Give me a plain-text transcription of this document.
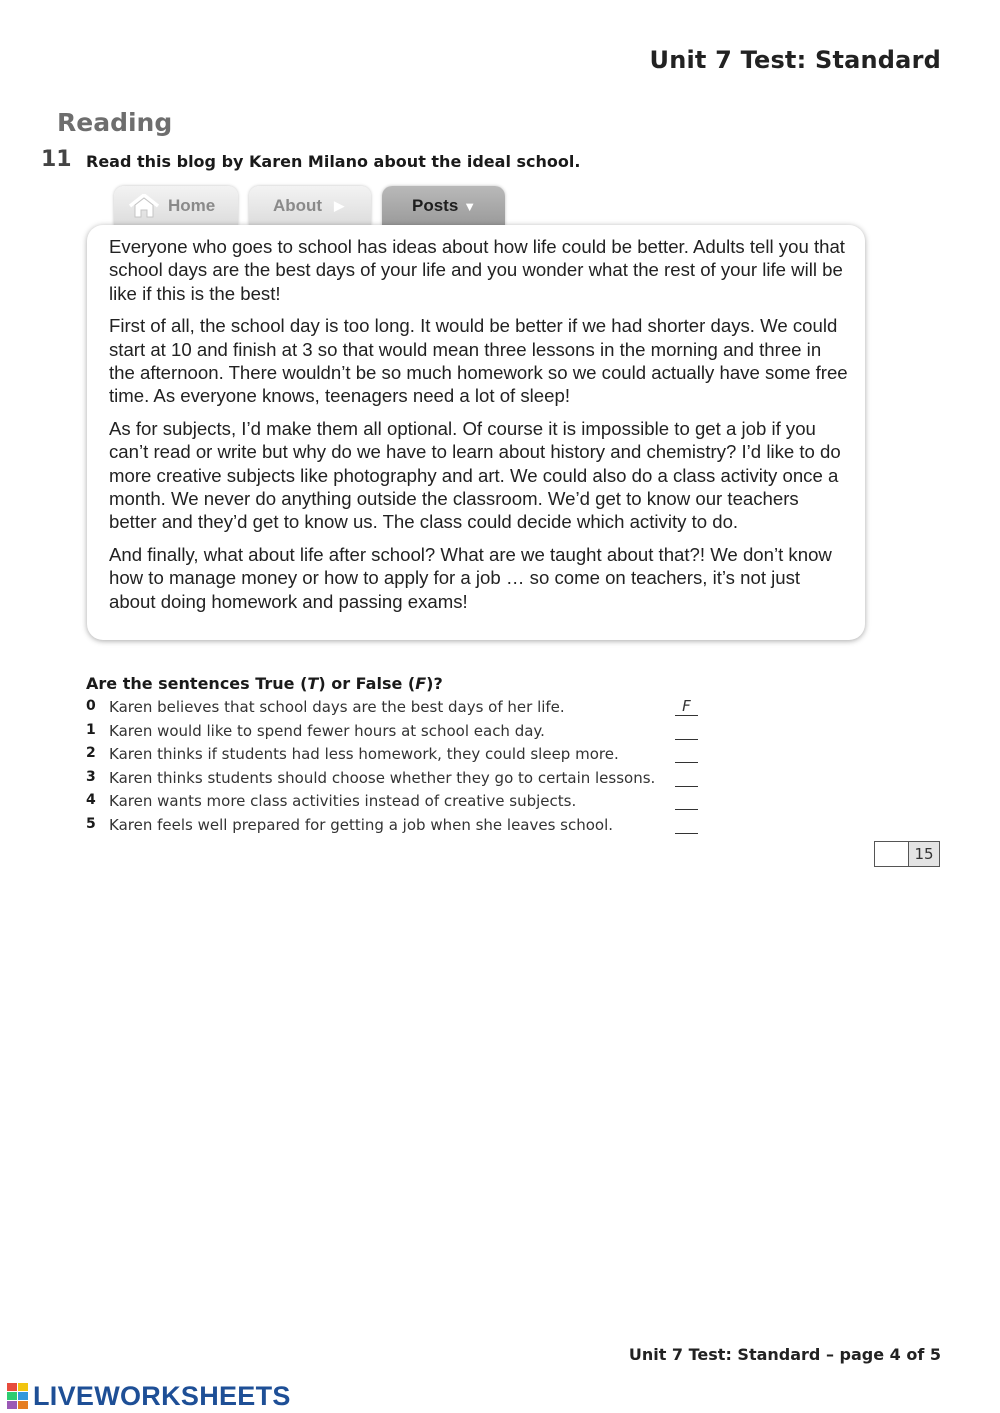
Unit 7 Test: Standard
Reading
11 Read this blog by Karen Milano about the ideal school.
Home	About ▶	Posts ▼

Everyone who goes to school has ideas about how life could be better. Adults tell you that school days are the best days of your life and you wonder what the rest of your life will be like if this is the best!

First of all, the school day is too long. It would be better if we had shorter days. We could start at 10 and finish at 3 so that would mean three lessons in the morning and three in the afternoon. There wouldn’t be so much homework so we could actually have some free time. As everyone knows, teenagers need a lot of sleep!

As for subjects, I’d make them all optional. Of course it is impossible to get a job if you can’t read or write but why do we have to learn about history and chemistry? I’d like to do more creative subjects like photography and art. We could also do a class activity once a month. We never do anything outside the classroom. We’d get to know our teachers better and they’d get to know us. The class could decide which activity to do.

And finally, what about life after school? What are we taught about that?! We don’t know how to manage money or how to apply for a job … so come on teachers, it’s not just about doing homework and passing exams!

Are the sentences True (T) or False (F)?
0 Karen believes that school days are the best days of her life.	F
1 Karen would like to spend fewer hours at school each day.
2 Karen thinks if students had less homework, they could sleep more.
3 Karen thinks students should choose whether they go to certain lessons.
4 Karen wants more class activities instead of creative subjects.
5 Karen feels well prepared for getting a job when she leaves school.
15
Unit 7 Test: Standard – page 4 of 5
LIVEWORKSHEETS
